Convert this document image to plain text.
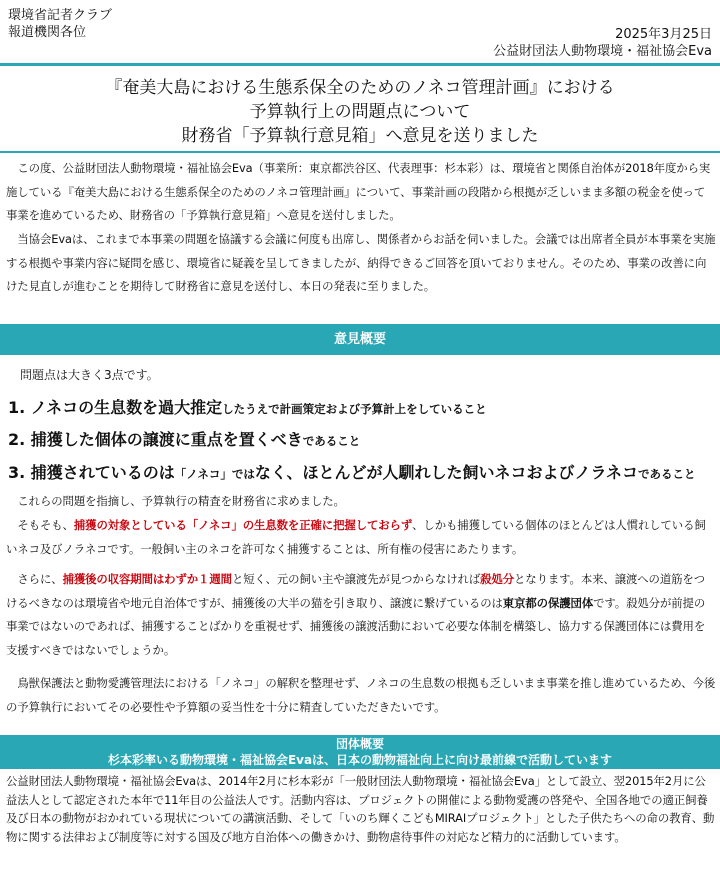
環境省記者クラブ
報道機関各位	2025年3月25日
公益財団法人動物環境・福祉協会Eva
『奄美大島における生態系保全のためのノネコ管理計画』における
予算執行上の問題点について
財務省「予算執行意見箱」へ意見を送りました

この度、公益財団法人動物環境・福祉協会Eva（事業所：東京都渋谷区、代表理事：杉本彩）は、環境省と関係自治体が2018年度から実施している『奄美大島における生態系保全のためのノネコ管理計画』について、事業計画の段階から根拠が乏しいまま多額の税金を使って事業を進めているため、財務省の「予算執行意見箱」へ意見を送付しました。

当協会Evaは、これまで本事業の問題を協議する会議に何度も出席し、関係者からお話を伺いました。会議では出席者全員が本事業を実施する根拠や事業内容に疑問を感じ、環境省に疑義を呈してきましたが、納得できるご回答を頂いておりません。そのため、事業の改善に向けた見直しが進むことを期待して財務省に意見を送付し、本日の発表に至りました。

意見概要
問題点は大きく3点です。
1. ノネコの生息数を過大推定したうえで計画策定および予算計上をしていること
2. 捕獲した個体の譲渡に重点を置くべきであること
3. 捕獲されているのは「ノネコ」ではなく、ほとんどが人馴れした飼いネコおよびノラネコであること

これらの問題を指摘し、予算執行の精査を財務省に求めました。

そもそも、捕獲の対象としている「ノネコ」の生息数を正確に把握しておらず、しかも捕獲している個体のほとんどは人慣れしている飼いネコ及びノラネコです。一般飼い主のネコを許可なく捕獲することは、所有権の侵害にあたります。

さらに、捕獲後の収容期間はわずか１週間と短く、元の飼い主や譲渡先が見つからなければ殺処分となります。本来、譲渡への道筋をつけるべきなのは環境省や地元自治体ですが、捕獲後の大半の猫を引き取り、譲渡に繋げているのは東京都の保護団体です。殺処分が前提の事業ではないのであれば、捕獲することばかりを重視せず、捕獲後の譲渡活動において必要な体制を構築し、協力する保護団体には費用を支援すべきではないでしょうか。

鳥獣保護法と動物愛護管理法における「ノネコ」の解釈を整理せず、ノネコの生息数の根拠も乏しいまま事業を推し進めているため、今後の予算執行においてその必要性や予算額の妥当性を十分に精査していただきたいです。

団体概要
杉本彩率いる動物環境・福祉協会Evaは、日本の動物福祉向上に向け最前線で活動しています

公益財団法人動物環境・福祉協会Evaは、2014年2月に杉本彩が「一般財団法人動物環境・福祉協会Eva」として設立、翌2015年2月に公益法人として認定された本年で11年目の公益法人です。活動内容は、プロジェクトの開催による動物愛護の啓発や、全国各地での適正飼養及び日本の動物がおかれている現状についての講演活動、そして「いのち輝くこどもMIRAIプロジェクト」とした子供たちへの命の教育、動物に関する法律および制度等に対する国及び地方自治体への働きかけ、動物虐待事件の対応など精力的に活動しています。
